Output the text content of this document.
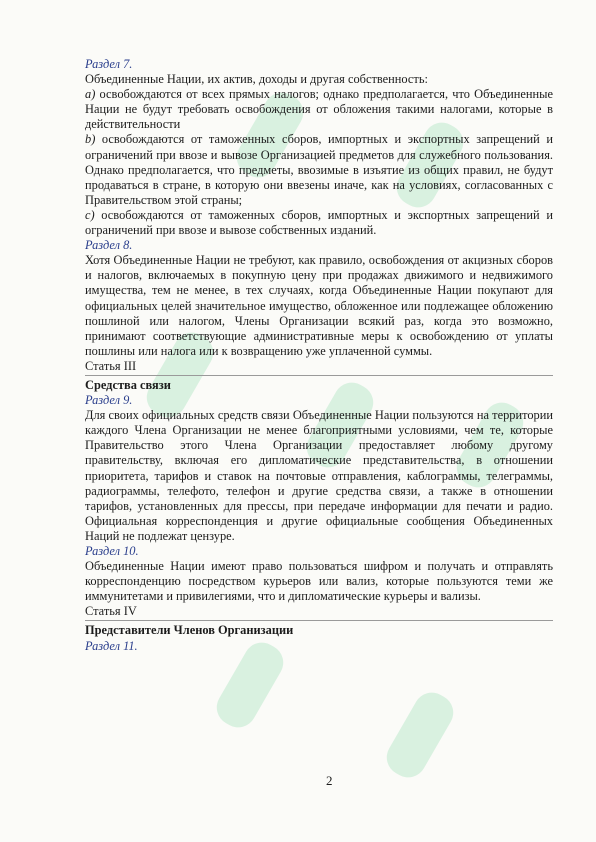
Раздел 7.

Объединенные Нации, их актив, доходы и другая собственность:

a) освобождаются от всех прямых налогов; однако предполагается, что Объединенные Нации не будут требовать освобождения от обложения такими налогами, которые в действительности

b) освобождаются от таможенных сборов, импортных и экспортных запрещений и ограничений при ввозе и вывозе Организацией предметов для служебного пользования. Однако предполагается, что предметы, ввозимые в изъятие из общих правил, не будут продаваться в стране, в которую они ввезены иначе, как на условиях, согласованных с Правительством этой страны;

c) освобождаются от таможенных сборов, импортных и экспортных запрещений и ограничений при ввозе и вывозе собственных изданий.

Раздел 8.

Хотя Объединенные Нации не требуют, как правило, освобождения от акцизных сборов и налогов, включаемых в покупную цену при продажах движимого и недвижимого имущества, тем не менее, в тех случаях, когда Объединенные Нации покупают для официальных целей значительное имущество, обложенное или подлежащее обложению пошлиной или налогом, Члены Организации всякий раз, когда это возможно, принимают соответствующие административные меры к освобождению от уплаты пошлины или налога или к возвращению уже уплаченной суммы.

Статья III

Средства связи

Раздел 9.

Для своих официальных средств связи Объединенные Нации пользуются на территории каждого Члена Организации не менее благоприятными условиями, чем те, которые Правительство этого Члена Организации предоставляет любому другому правительству, включая его дипломатические представительства, в отношении приоритета, тарифов и ставок на почтовые отправления, каблограммы, телеграммы, радиограммы, телефото, телефон и другие средства связи, а также в отношении тарифов, установленных для прессы, при передаче информации для печати и радио. Официальная корреспонденция и другие официальные сообщения Объединенных Наций не подлежат цензуре.

Раздел 10.

Объединенные Нации имеют право пользоваться шифром и получать и отправлять корреспонденцию посредством курьеров или вализ, которые пользуются теми же иммунитетами и привилегиями, что и дипломатические курьеры и вализы.

Статья IV

Представители Членов Организации

Раздел 11.

2
